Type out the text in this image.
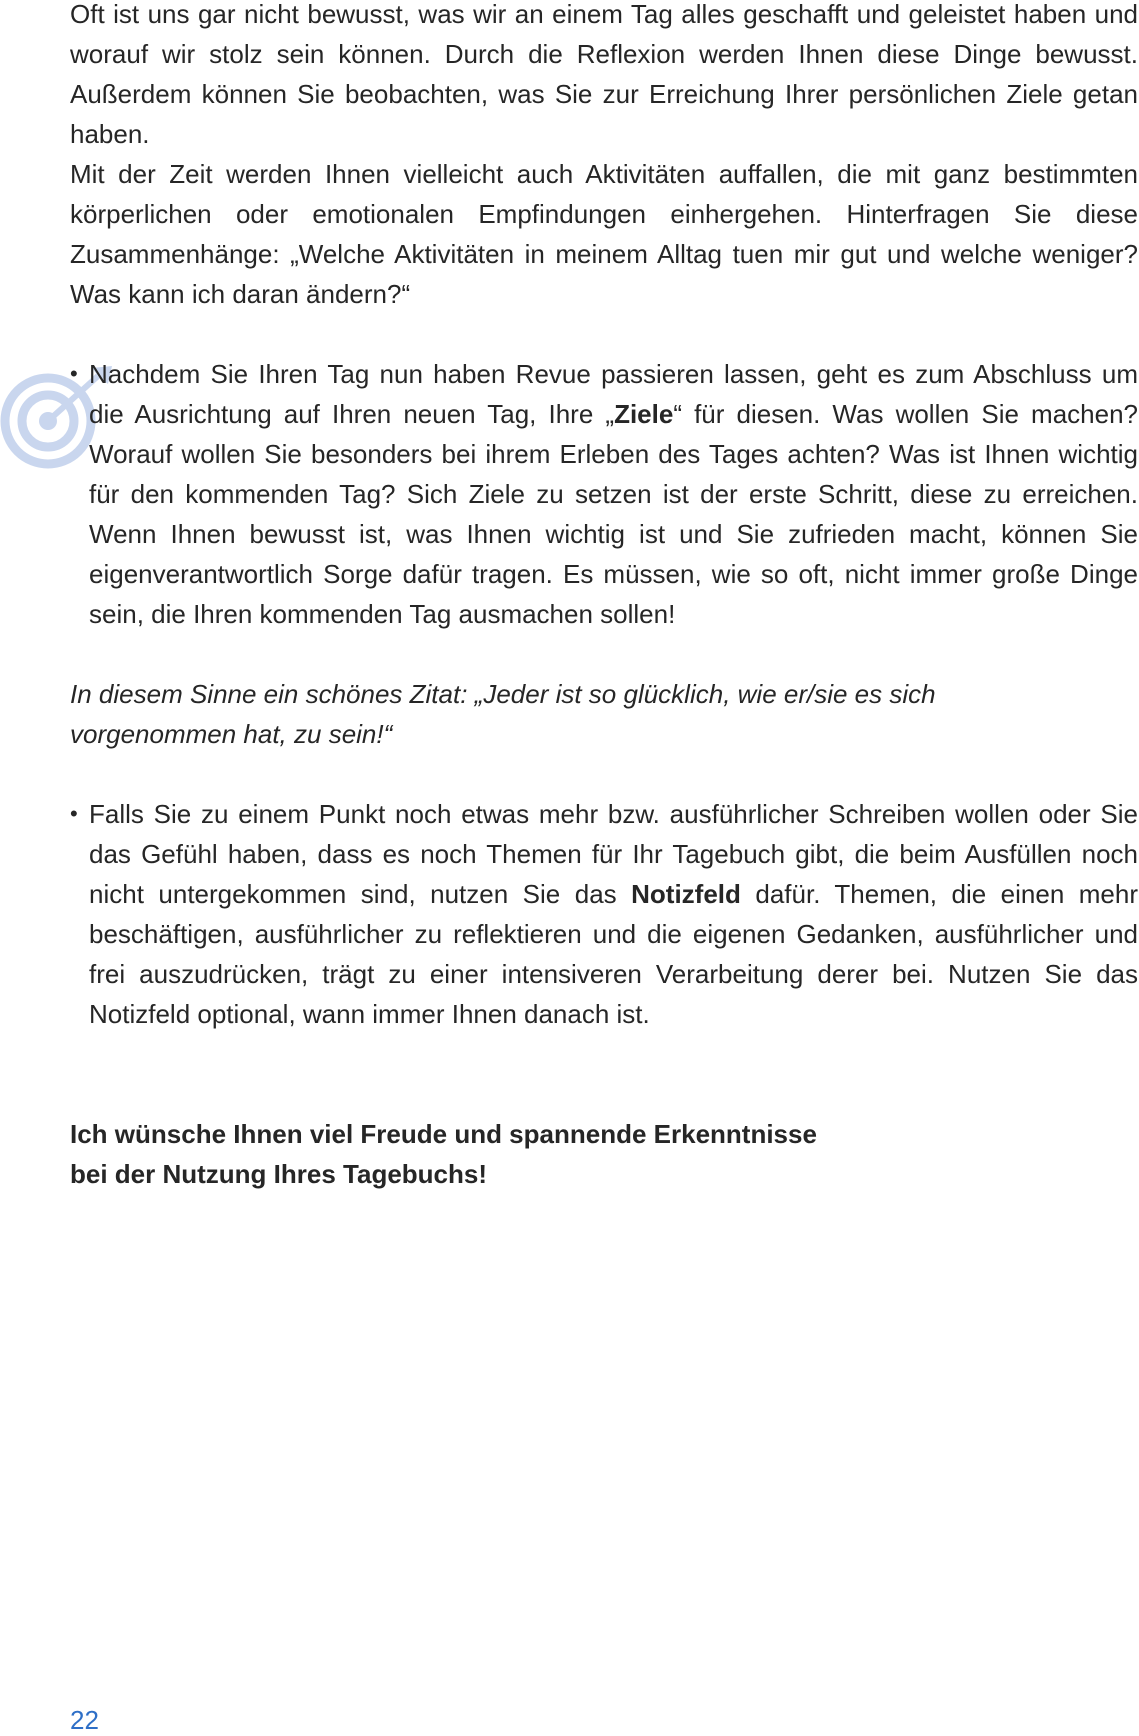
Oft ist uns gar nicht bewusst, was wir an einem Tag alles geschafft und geleistet haben und worauf wir stolz sein können. Durch die Reflexion werden Ihnen diese Dinge bewusst. Außerdem können Sie beobachten, was Sie zur Erreichung Ihrer persönlichen Ziele getan haben.

Mit der Zeit werden Ihnen vielleicht auch Aktivitäten auffallen, die mit ganz bestimmten körperlichen oder emotionalen Empfindungen einhergehen. Hinterfragen Sie diese Zusammenhänge: „Welche Aktivitäten in meinem Alltag tuen mir gut und welche weniger? Was kann ich daran ändern?“

• Nachdem Sie Ihren Tag nun haben Revue passieren lassen, geht es zum Abschluss um die Ausrichtung auf Ihren neuen Tag, Ihre „Ziele“ für diesen. Was wollen Sie machen? Worauf wollen Sie besonders bei ihrem Erleben des Tages achten? Was ist Ihnen wichtig für den kommenden Tag? Sich Ziele zu setzen ist der erste Schritt, diese zu erreichen. Wenn Ihnen bewusst ist, was Ihnen wichtig ist und Sie zufrieden macht, können Sie eigenverantwortlich Sorge dafür tragen. Es müssen, wie so oft, nicht immer große Dinge sein, die Ihren kommenden Tag ausmachen sollen!

In diesem Sinne ein schönes Zitat: „Jeder ist so glücklich, wie er/sie es sich vorgenommen hat, zu sein!“

• Falls Sie zu einem Punkt noch etwas mehr bzw. ausführlicher Schreiben wollen oder Sie das Gefühl haben, dass es noch Themen für Ihr Tagebuch gibt, die beim Ausfüllen noch nicht untergekommen sind, nutzen Sie das Notizfeld dafür. Themen, die einen mehr beschäftigen, ausführlicher zu reflektieren und die eigenen Gedanken, ausführlicher und frei auszudrücken, trägt zu einer intensiveren Verarbeitung derer bei. Nutzen Sie das Notizfeld optional, wann immer Ihnen danach ist.
Ich wünsche Ihnen viel Freude und spannende Erkenntnisse
bei der Nutzung Ihres Tagebuchs!
22
